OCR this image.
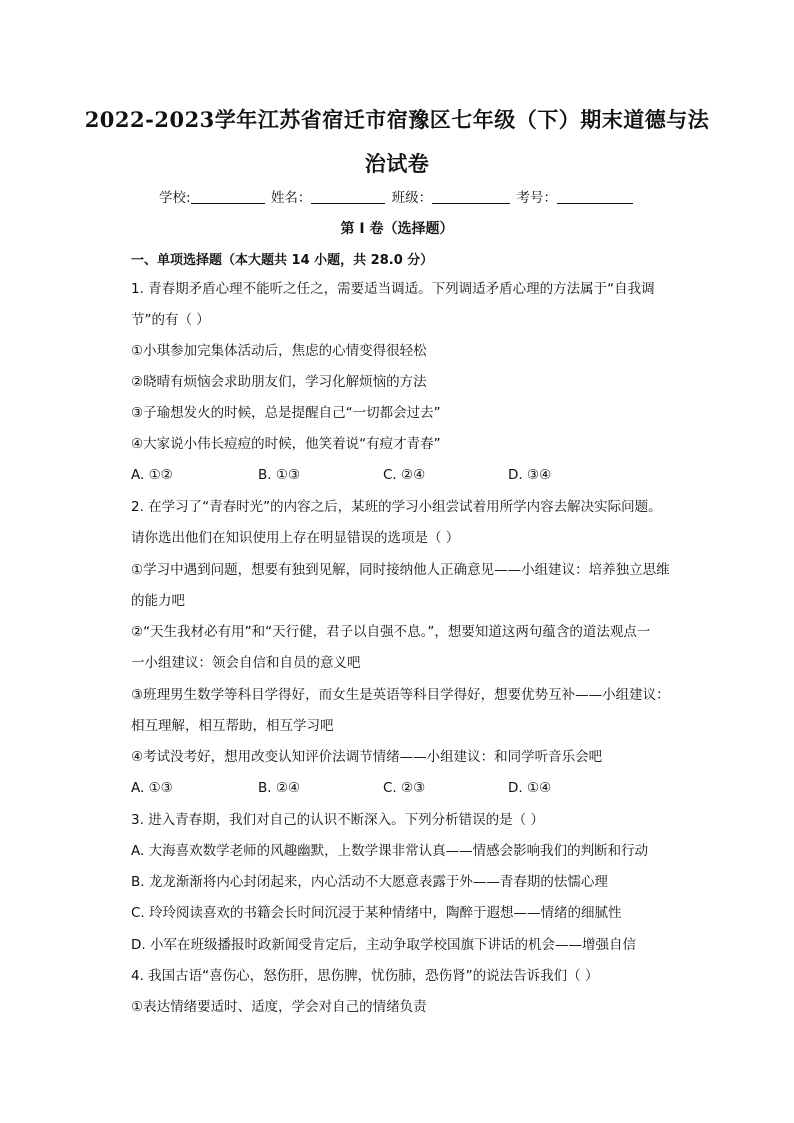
2022-2023学年江苏省宿迁市宿豫区七年级（下）期末道德与法
治试卷
学校:	姓名：	班级：	考号：
第 I 卷（选择题）
一、单项选择题（本大题共 14 小题，共 28.0 分）
1. 青春期矛盾心理不能听之任之，需要适当调适。下列调适矛盾心理的方法属于“自我调
节”的有（ ）
①小琪参加完集体活动后，焦虑的心情变得很轻松
②晓晴有烦恼会求助朋友们，学习化解烦恼的方法
③子瑜想发火的时候，总是提醒自己“一切都会过去”
④大家说小伟长痘痘的时候，他笑着说“有痘才青春”
A. ①②	B. ①③	C. ②④	D. ③④
2. 在学习了“青春时光”的内容之后，某班的学习小组尝试着用所学内容去解决实际问题。
请你选出他们在知识使用上存在明显错误的选项是（ ）
①学习中遇到问题，想要有独到见解，同时接纳他人正确意见——小组建议：培养独立思维
的能力吧
②“天生我材必有用”和“天行健，君子以自强不息。”，想要知道这两句蕴含的道法观点一
一小组建议：领会自信和自员的意义吧
③班理男生数学等科目学得好，而女生是英语等科目学得好，想要优势互补——小组建议：
相互理解，相互帮助，相互学习吧
④考试没考好，想用改变认知评价法调节情绪——小组建议：和同学听音乐会吧
A. ①③	B. ②④	C. ②③	D. ①④
3. 进入青春期，我们对自己的认识不断深入。下列分析错误的是（ ）
A. 大海喜欢数学老师的风趣幽默，上数学课非常认真——情感会影响我们的判断和行动
B. 龙龙渐渐将内心封闭起来，内心活动不大愿意表露于外——青春期的怯懦心理
C. 玲玲阅读喜欢的书籍会长时间沉浸于某种情绪中，陶醉于遐想——情绪的细腻性
D. 小军在班级播报时政新闻受肯定后，主动争取学校国旗下讲话的机会——增强自信
4. 我国古语“喜伤心，怒伤肝，思伤脾，忧伤肺，恐伤肾”的说法告诉我们（ ）
①表达情绪要适时、适度，学会对自己的情绪负责
